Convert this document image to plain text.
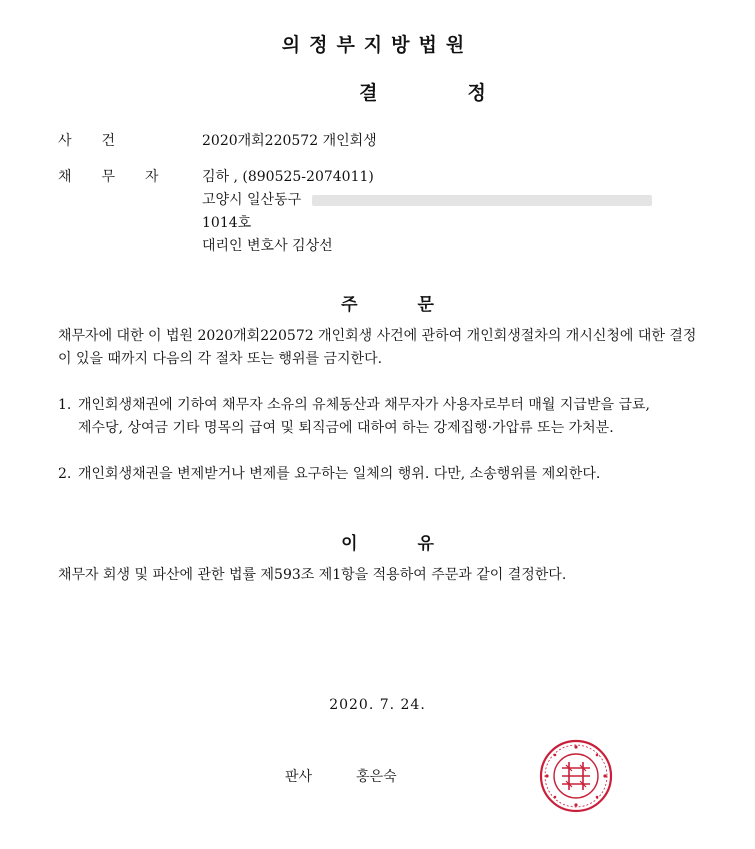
의정부지방법원
결정
사건	2020개회220572 개인회생
채무자 김하 , (890525-2074011)
고양시 일산동구
1014호
대리인 변호사 김상선
주문
채무자에 대한 이 법원 2020개회220572 개인회생 사건에 관하여 개인회생절차의 개시신청에 대한 결정이 있을 때까지 다음의 각 절차 또는 행위를 금지한다.
1. 개인회생채권에 기하여 채무자 소유의 유체동산과 채무자가 사용자로부터 매월 지급받을 급료, 제수당, 상여금 기타 명목의 급여 및 퇴직금에 대하여 하는 강제집행·가압류 또는 가처분.
2. 개인회생채권을 변제받거나 변제를 요구하는 일체의 행위. 다만, 소송행위를 제외한다.
이유
채무자 회생 및 파산에 관한 법률 제593조 제1항을 적용하여 주문과 같이 결정한다.
2020. 7. 24.
판사	홍은숙
